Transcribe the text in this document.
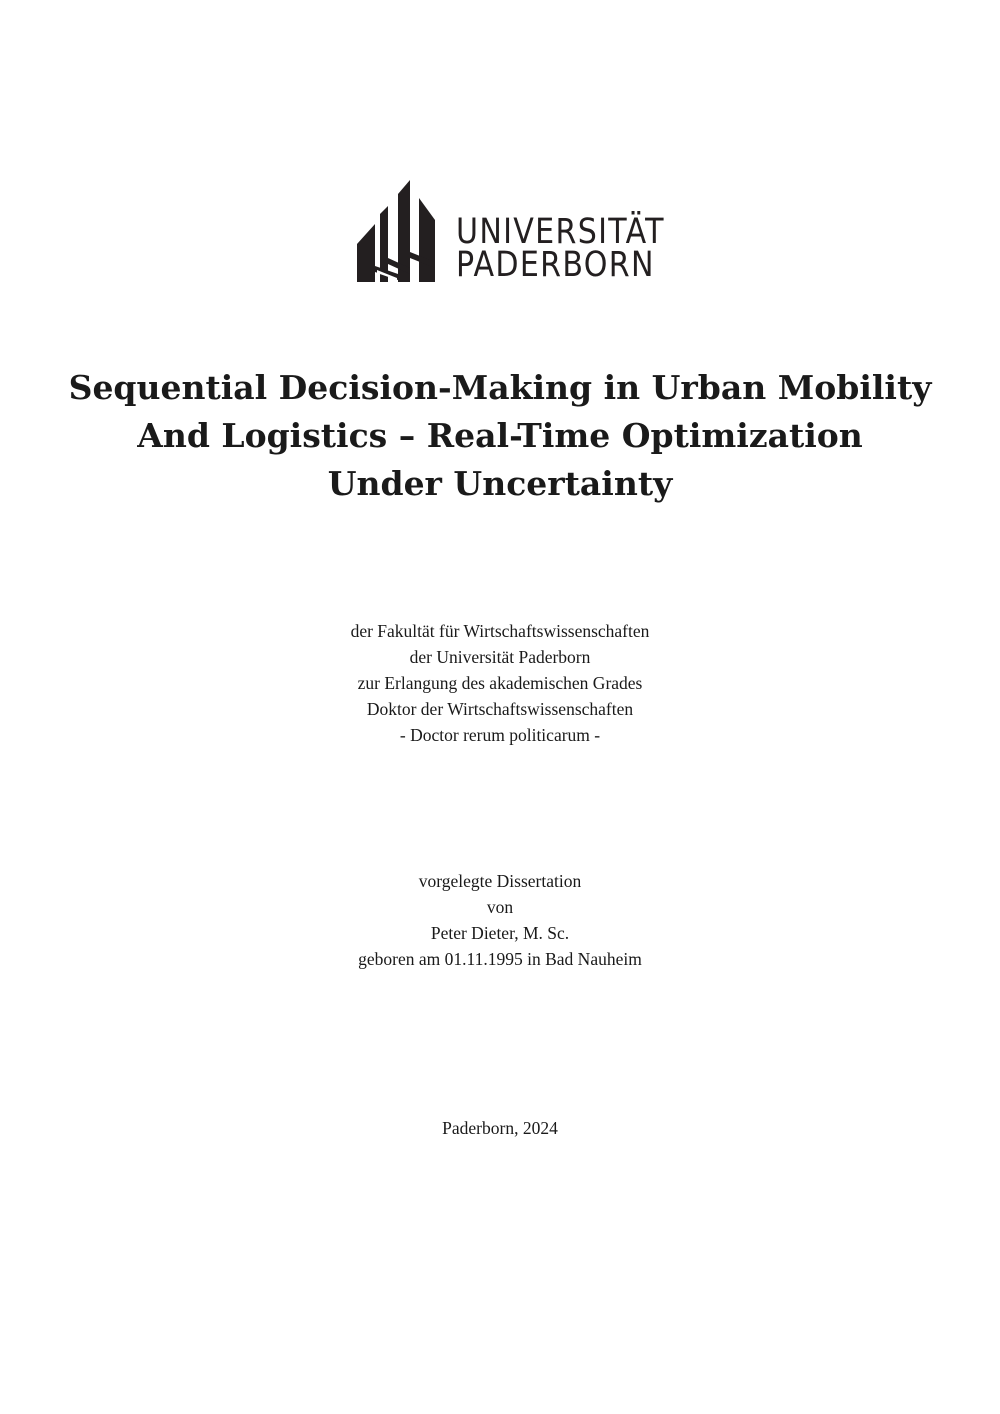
UNIVERSITÄT
PADERBORN
Sequential Decision-Making in Urban Mobility
And Logistics – Real-Time Optimization
Under Uncertainty
der Fakultät für Wirtschaftswissenschaften
der Universität Paderborn
zur Erlangung des akademischen Grades
Doktor der Wirtschaftswissenschaften
- Doctor rerum politicarum -
vorgelegte Dissertation
von
Peter Dieter, M. Sc.
geboren am 01.11.1995 in Bad Nauheim
Paderborn, 2024
